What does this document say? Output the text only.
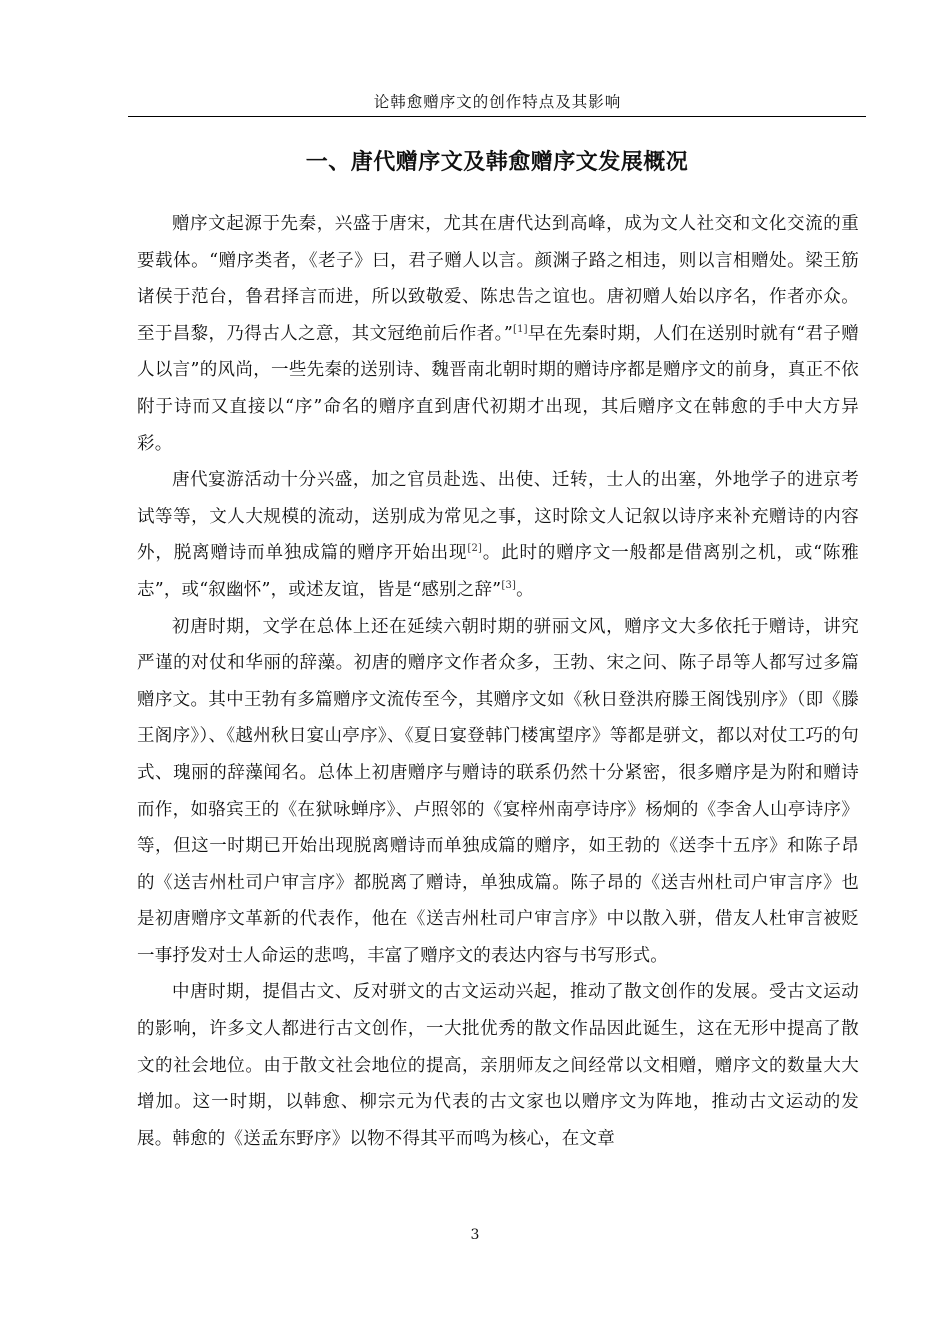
论韩愈赠序文的创作特点及其影响
一、唐代赠序文及韩愈赠序文发展概况

赠序文起源于先秦，兴盛于唐宋，尤其在唐代达到高峰，成为文人社交和文化交流的重要载体。“赠序类者，《老子》曰，君子赠人以言。颜渊子路之相违，则以言相赠处。梁王筋诸侯于范台，鲁君择言而进，所以致敬爱、陈忠告之谊也。唐初赠人始以序名，作者亦众。至于昌黎，乃得古人之意，其文冠绝前后作者。”[1]早在先秦时期，人们在送别时就有“君子赠人以言”的风尚，一些先秦的送别诗、魏晋南北朝时期的赠诗序都是赠序文的前身，真正不依附于诗而又直接以“序”命名的赠序直到唐代初期才出现，其后赠序文在韩愈的手中大方异彩。

唐代宴游活动十分兴盛，加之官员赴选、出使、迁转，士人的出塞，外地学子的进京考试等等，文人大规模的流动，送别成为常见之事，这时除文人记叙以诗序来补充赠诗的内容外，脱离赠诗而单独成篇的赠序开始出现[2]。此时的赠序文一般都是借离别之机，或“陈雅志”，或“叙幽怀”，或述友谊，皆是“感别之辞”[3]。

初唐时期，文学在总体上还在延续六朝时期的骈丽文风，赠序文大多依托于赠诗，讲究严谨的对仗和华丽的辞藻。初唐的赠序文作者众多，王勃、宋之问、陈子昂等人都写过多篇赠序文。其中王勃有多篇赠序文流传至今，其赠序文如《秋日登洪府滕王阁饯别序》（即《滕王阁序》）、《越州秋日宴山亭序》、《夏日宴登韩门楼寓望序》等都是骈文，都以对仗工巧的句式、瑰丽的辞藻闻名。总体上初唐赠序与赠诗的联系仍然十分紧密，很多赠序是为附和赠诗而作，如骆宾王的《在狱咏蝉序》、卢照邻的《宴梓州南亭诗序》杨炯的《李舍人山亭诗序》等，但这一时期已开始出现脱离赠诗而单独成篇的赠序，如王勃的《送李十五序》和陈子昂的《送吉州杜司户审言序》都脱离了赠诗，单独成篇。陈子昂的《送吉州杜司户审言序》也是初唐赠序文革新的代表作，他在《送吉州杜司户审言序》中以散入骈，借友人杜审言被贬一事抒发对士人命运的悲鸣，丰富了赠序文的表达内容与书写形式。

中唐时期，提倡古文、反对骈文的古文运动兴起，推动了散文创作的发展。受古文运动的影响，许多文人都进行古文创作，一大批优秀的散文作品因此诞生，这在无形中提高了散文的社会地位。由于散文社会地位的提高，亲朋师友之间经常以文相赠，赠序文的数量大大增加。这一时期，以韩愈、柳宗元为代表的古文家也以赠序文为阵地，推动古文运动的发展。韩愈的《送孟东野序》以物不得其平而鸣为核心，在文章

3
